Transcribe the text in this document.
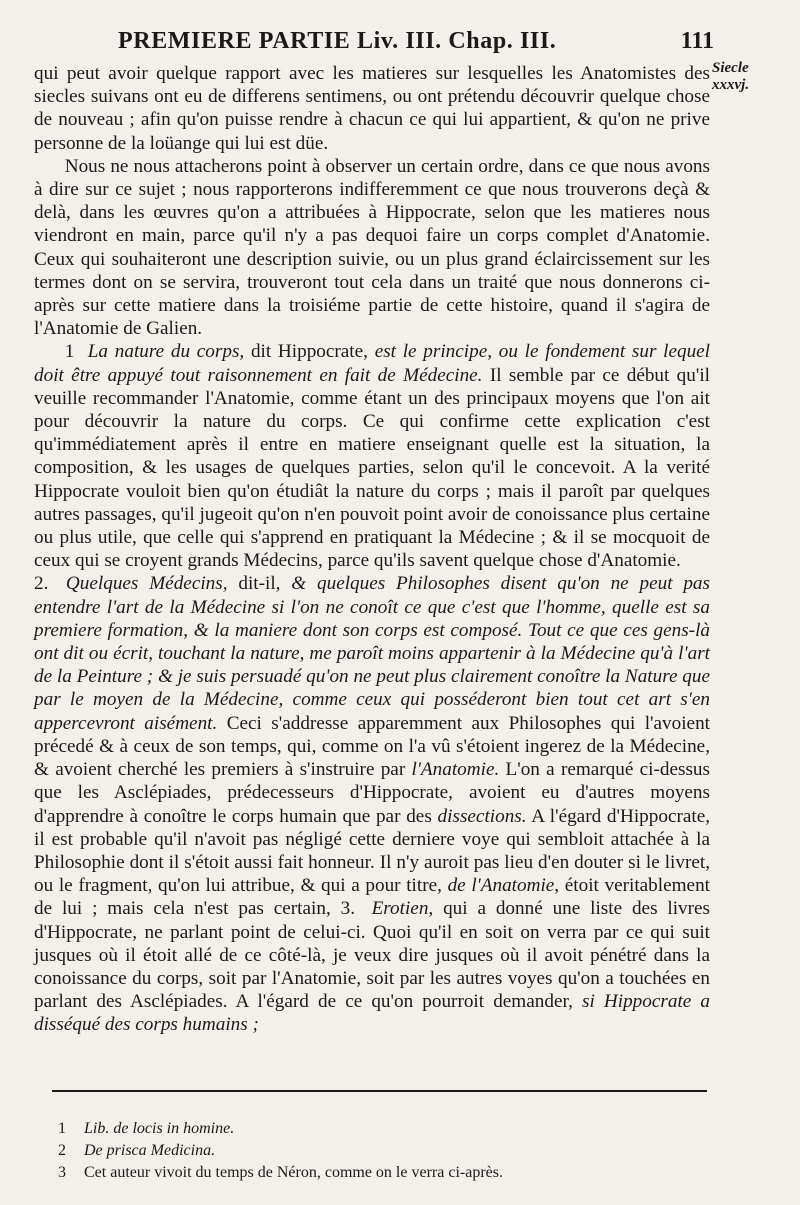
PREMIERE PARTIE Liv. III. Chap. III.	111
Siecle
xxxvj.

qui peut avoir quelque rapport avec les matieres sur lesquelles les Anatomistes des siecles suivans ont eu de differens sentimens, ou ont prétendu découvrir quelque chose de nouveau ; afin qu'on puisse rendre à chacun ce qui lui appartient, & qu'on ne prive personne de la loüange qui lui est düe.

Nous ne nous attacherons point à observer un certain ordre, dans ce que nous avons à dire sur ce sujet ; nous rapporterons indifferemment ce que nous trouverons deçà & delà, dans les œuvres qu'on a attribuées à Hippocrate, selon que les matieres nous viendront en main, parce qu'il n'y a pas dequoi faire un corps complet d'Anatomie. Ceux qui souhaiteront une description suivie, ou un plus grand éclaircissement sur les termes dont on se servira, trouveront tout cela dans un traité que nous donnerons ci-après sur cette matiere dans la troisiéme partie de cette histoire, quand il s'agira de l'Anatomie de Galien.

1 La nature du corps, dit Hippocrate, est le principe, ou le fondement sur lequel doit être appuyé tout raisonnement en fait de Médecine. Il semble par ce début qu'il veuille recommander l'Anatomie, comme étant un des principaux moyens que l'on ait pour découvrir la nature du corps. Ce qui confirme cette explication c'est qu'immédiatement après il entre en matiere enseignant quelle est la situation, la composition, & les usages de quelques parties, selon qu'il le concevoit. A la verité Hippocrate vouloit bien qu'on étudiât la nature du corps ; mais il paroît par quelques autres passages, qu'il jugeoit qu'on n'en pouvoit point avoir de conoissance plus certaine ou plus utile, que celle qui s'apprend en pratiquant la Médecine ; & il se mocquoit de ceux qui se croyent grands Médecins, parce qu'ils savent quelque chose d'Anatomie.

2. Quelques Médecins, dit-il, & quelques Philosophes disent qu'on ne peut pas entendre l'art de la Médecine si l'on ne conoît ce que c'est que l'homme, quelle est sa premiere formation, & la maniere dont son corps est composé. Tout ce que ces gens-là ont dit ou écrit, touchant la nature, me paroît moins appartenir à la Médecine qu'à l'art de la Peinture ; & je suis persuadé qu'on ne peut plus clairement conoître la Nature que par le moyen de la Médecine, comme ceux qui posséderont bien tout cet art s'en appercevront aisément. Ceci s'addresse apparemment aux Philosophes qui l'avoient précedé & à ceux de son temps, qui, comme on l'a vû s'étoient ingerez de la Médecine, & avoient cherché les premiers à s'instruire par l'Anatomie. L'on a remarqué ci-dessus que les Asclépiades, prédecesseurs d'Hippocrate, avoient eu d'autres moyens d'apprendre à conoître le corps humain que par des dissections. A l'égard d'Hippocrate, il est probable qu'il n'avoit pas négligé cette derniere voye qui sembloit attachée à la Philosophie dont il s'étoit aussi fait honneur. Il n'y auroit pas lieu d'en douter si le livret, ou le fragment, qu'on lui attribue, & qui a pour titre, de l'Anatomie, étoit veritablement de lui ; mais cela n'est pas certain, 3. Erotien, qui a donné une liste des livres d'Hippocrate, ne parlant point de celui-ci. Quoi qu'il en soit on verra par ce qui suit jusques où il étoit allé de ce côté-là, je veux dire jusques où il avoit pénétré dans la conoissance du corps, soit par l'Anatomie, soit par les autres voyes qu'on a touchées en parlant des Asclépiades. A l'égard de ce qu'on pourroit demander, si Hippocrate a disséqué des corps humains ;

1 Lib. de locis in homine.
2 De prisca Medicina.
3 Cet auteur vivoit du temps de Néron, comme on le verra ci-après.
